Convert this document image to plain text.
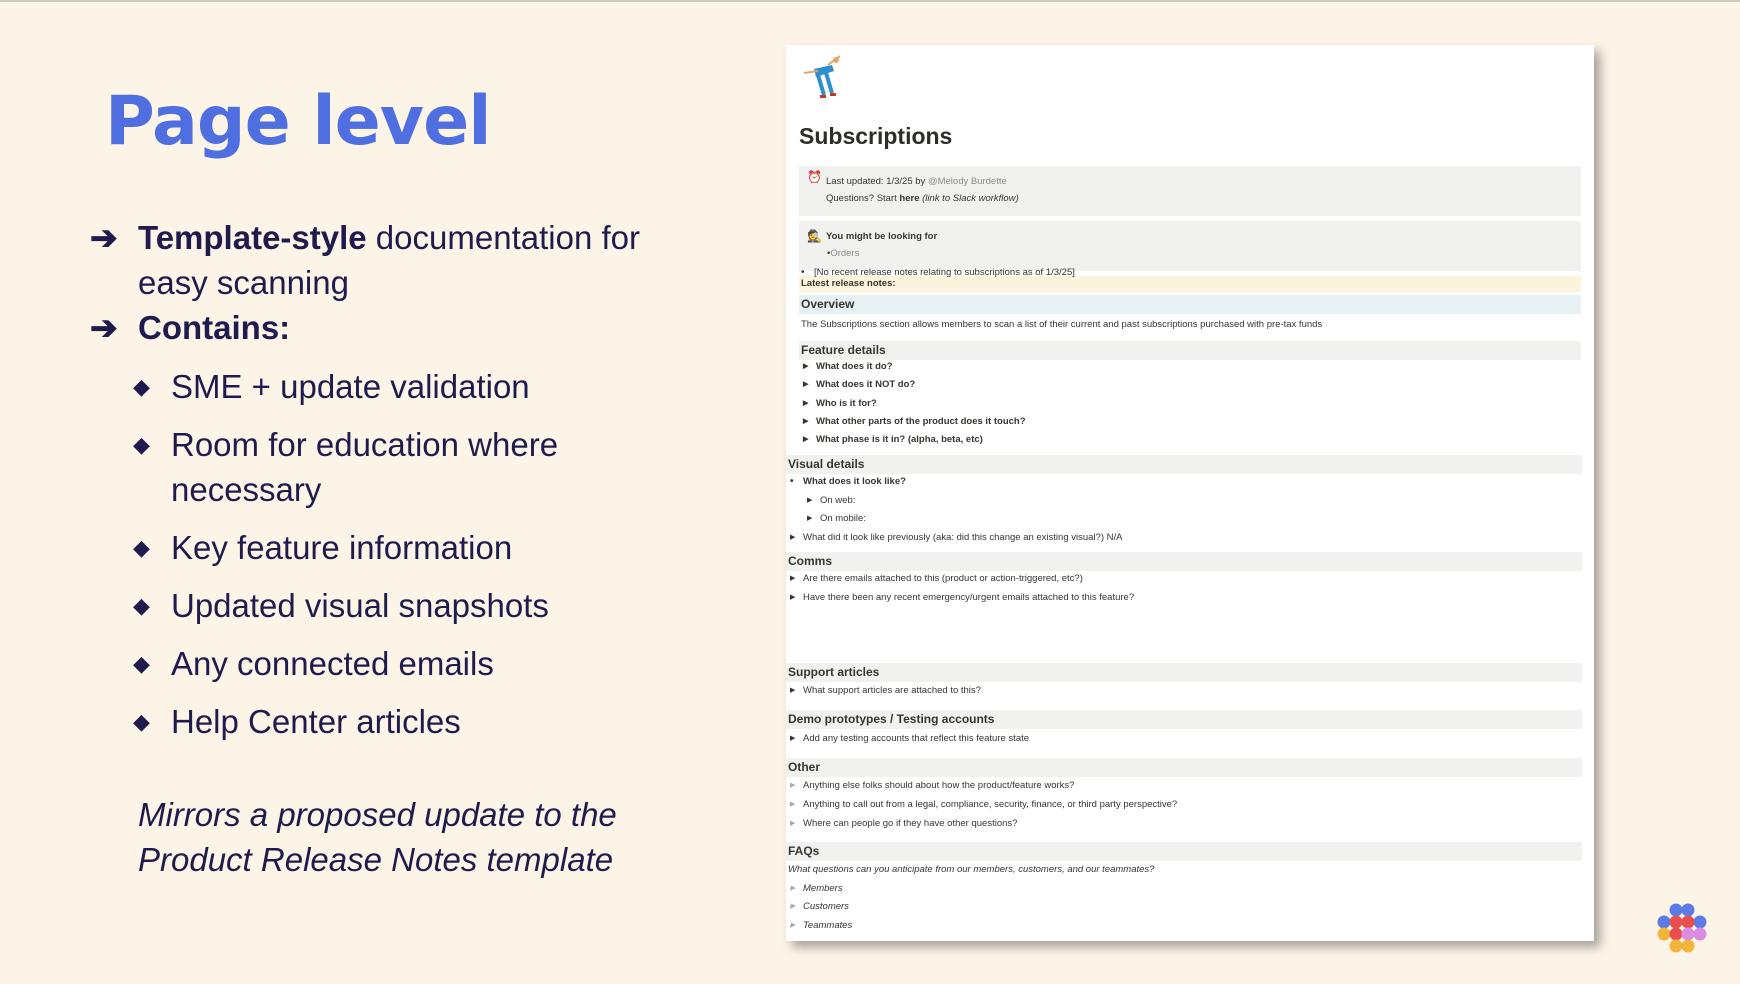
Page level
➔ Template-style documentation for easy scanning
➔ Contains:
◆ SME + update validation
◆ Room for education where necessary
◆ Key feature information
◆ Updated visual snapshots
◆ Any connected emails
◆ Help Center articles
Mirrors a proposed update to the Product Release Notes template
Subscriptions
⏰ Last updated: 1/3/25 by @Melody Burdette
Questions? Start here (link to Slack workflow)
🕵 You might be looking for
•Orders
Latest release notes:
• [No recent release notes relating to subscriptions as of 1/3/25]
Overview
The Subscriptions section allows members to scan a list of their current and past subscriptions purchased with pre-tax funds
Feature details
▶ What does it do?
▶ What does it NOT do?
▶ Who is it for?
▶ What other parts of the product does it touch?
▶ What phase is it in? (alpha, beta, etc)
Visual details
• What does it look like?
▶ On web:
▶ On mobile:
▶ What did it look like previously (aka: did this change an existing visual?) N/A
Comms
▶ Are there emails attached to this (product or action-triggered, etc?)
▶ Have there been any recent emergency/urgent emails attached to this feature?
Support articles
▶ What support articles are attached to this?
Demo prototypes / Testing accounts
▶ Add any testing accounts that reflect this feature state
Other
▶ Anything else folks should about how the product/feature works?
▶ Anything to call out from a legal, compliance, security, finance, or third party perspective?
▶ Where can people go if they have other questions?
FAQs
What questions can you anticipate from our members, customers, and our teammates?
▶ Members
▶ Customers
▶ Teammates
